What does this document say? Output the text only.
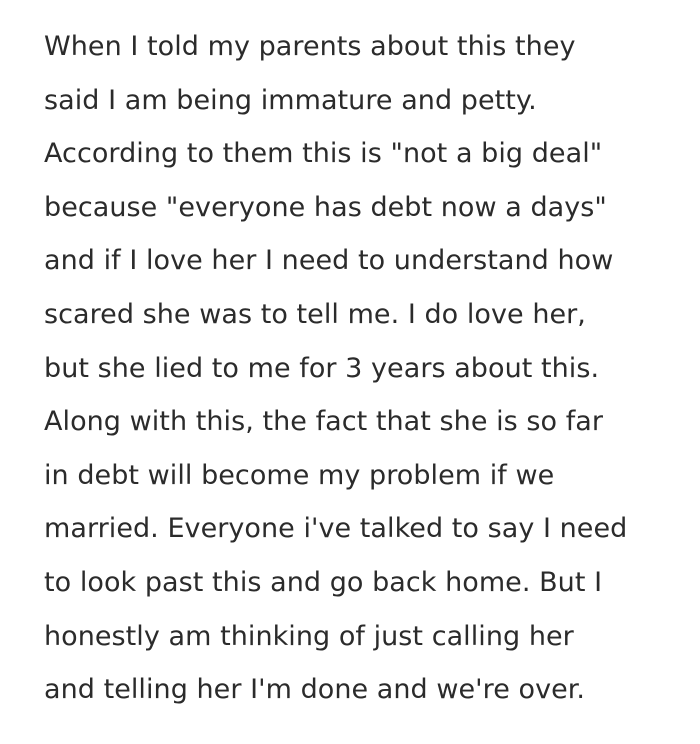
When I told my parents about this they
said I am being immature and petty.
According to them this is "not a big deal"
because "everyone has debt now a days"
and if I love her I need to understand how
scared she was to tell me. I do love her,
but she lied to me for 3 years about this.
Along with this, the fact that she is so far
in debt will become my problem if we
married. Everyone i've talked to say I need
to look past this and go back home. But I
honestly am thinking of just calling her
and telling her I'm done and we're over.
